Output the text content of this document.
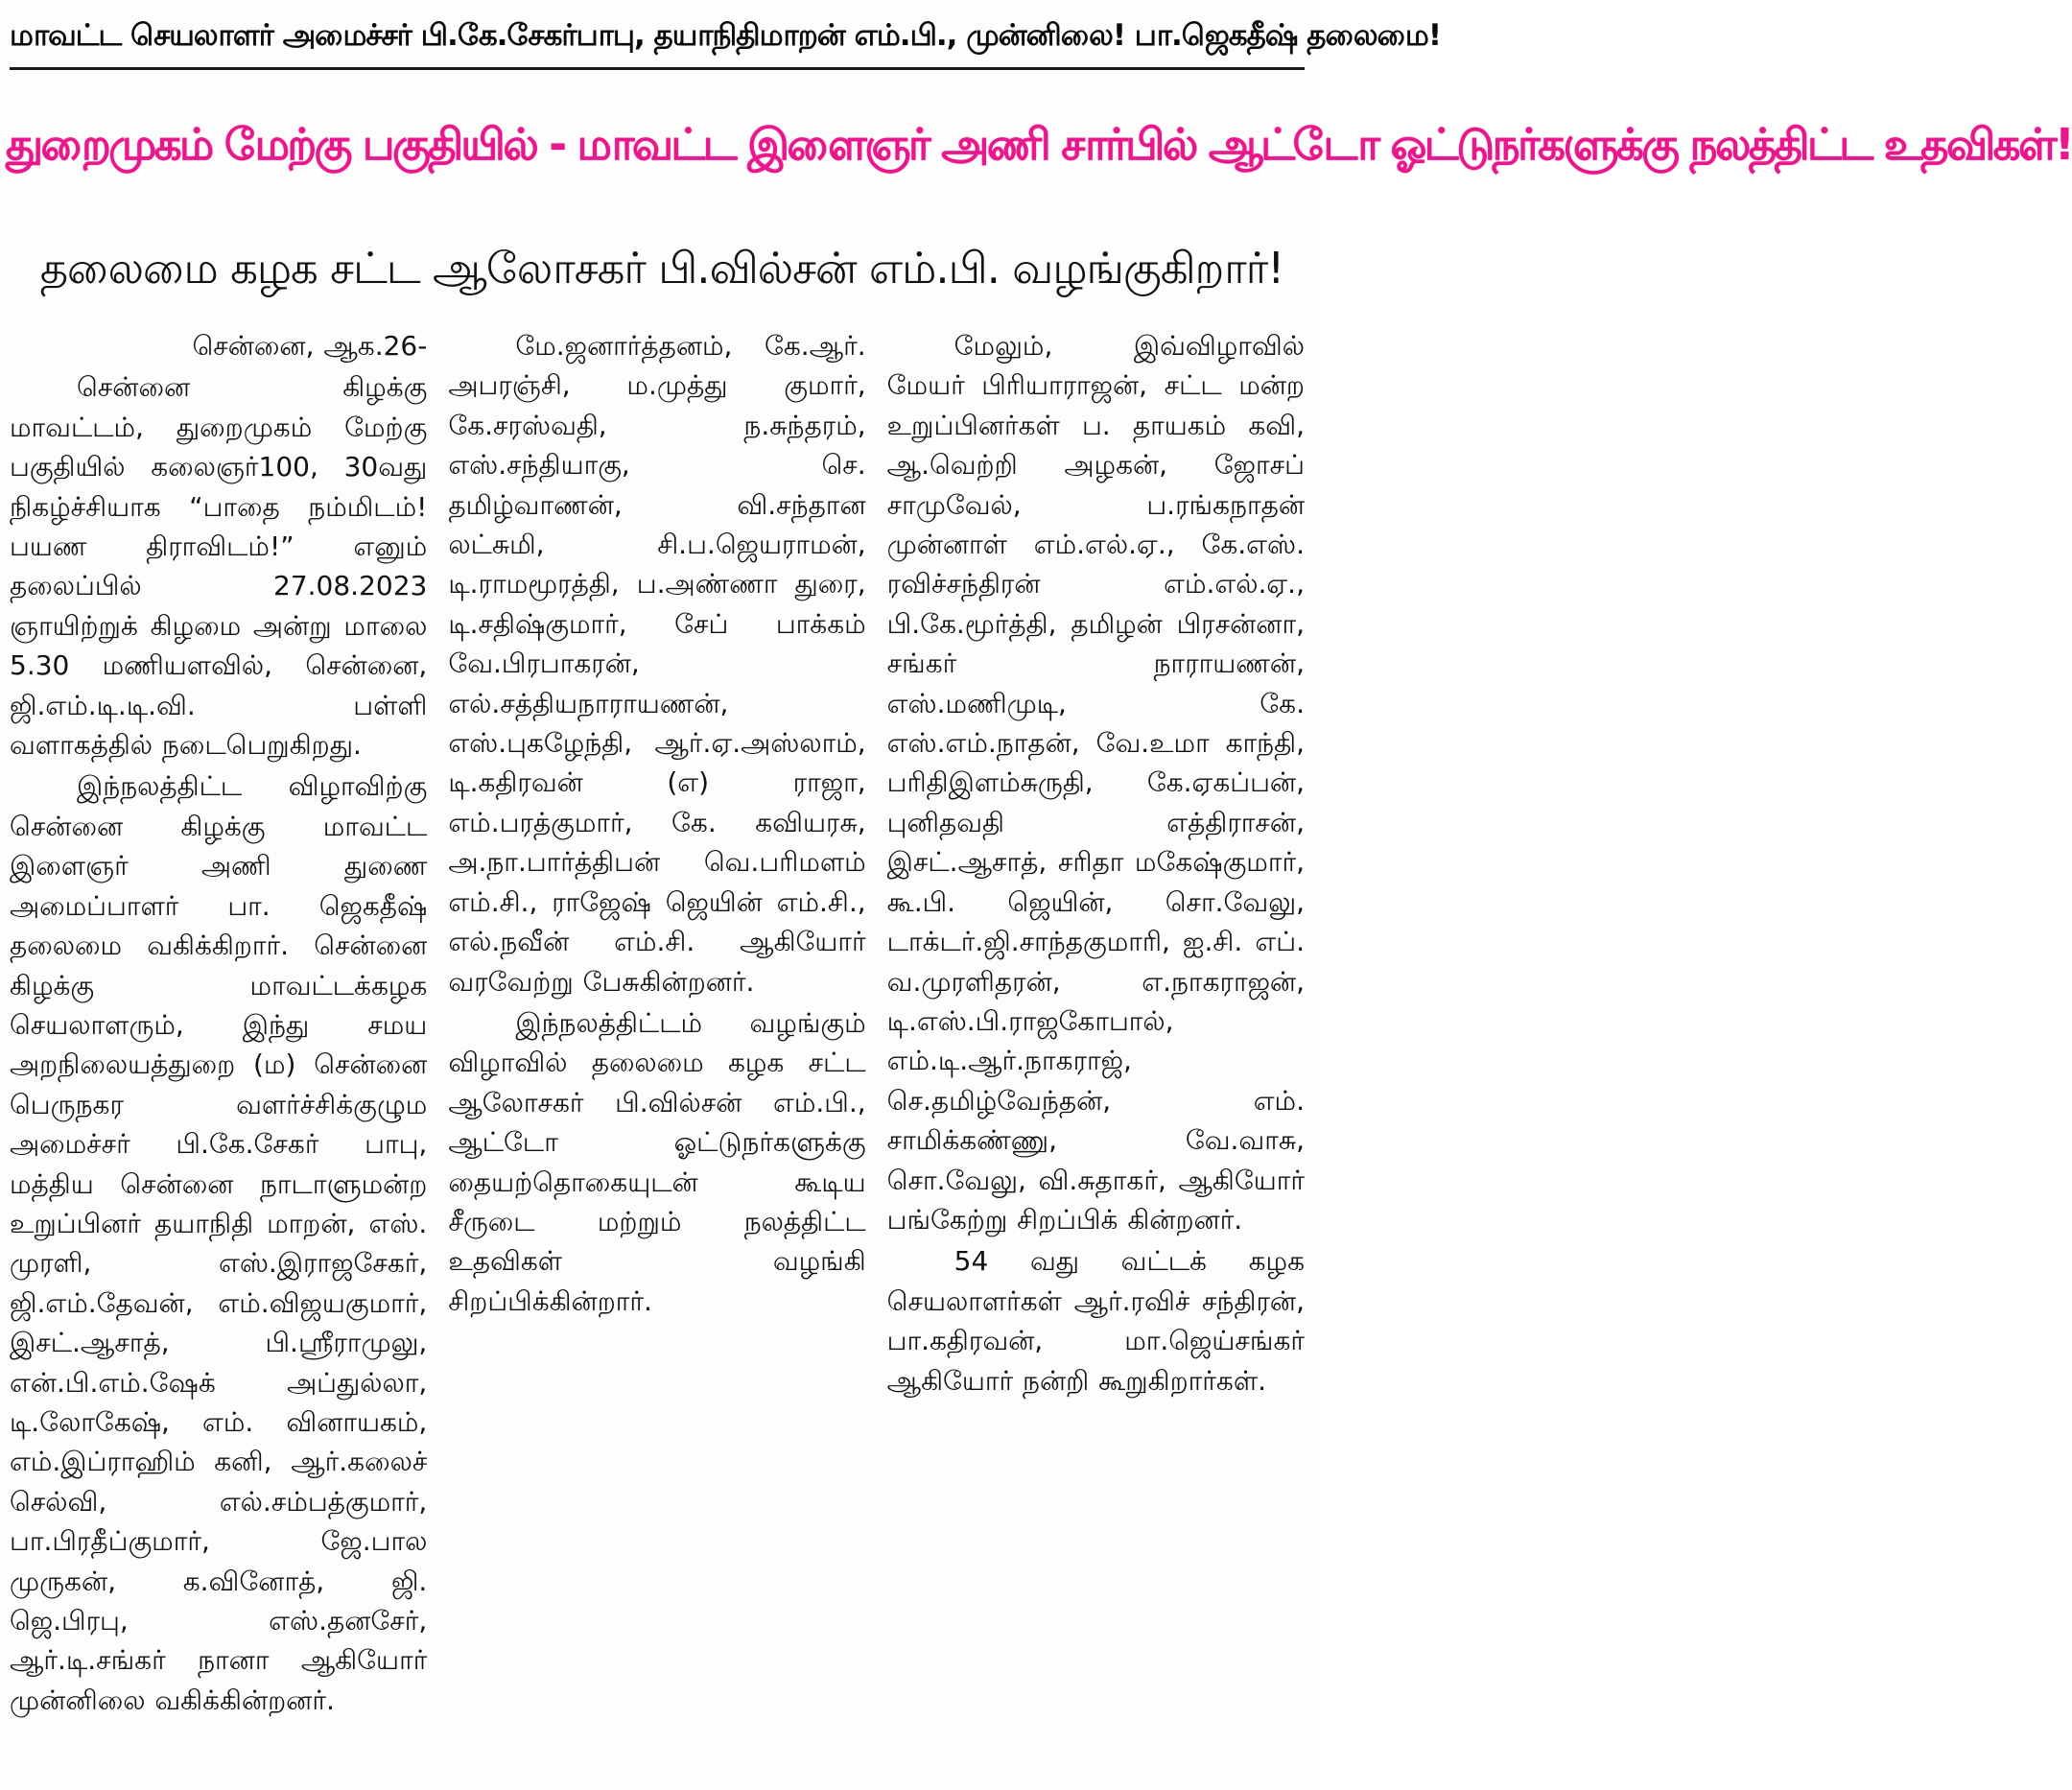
மாவட்ட செயலாளர் அமைச்சர் பி.கே.சேகர்பாபு, தயாநிதிமாறன் எம்.பி., முன்னிலை! பா.ஜெகதீஷ் தலைமை!
துறைமுகம் மேற்கு பகுதியில் - மாவட்ட இளைஞர் அணி சார்பில் ஆட்டோ ஓட்டுநர்களுக்கு நலத்திட்ட உதவிகள்!
தலைமை கழக சட்ட ஆலோசகர் பி.வில்சன் எம்.பி. வழங்குகிறார்!

சென்னை, ஆக.26-

சென்னை கிழக்கு மாவட்டம், துறைமுகம் மேற்கு பகுதியில் கலைஞர்100, 30வது நிகழ்ச்சியாக “பாதை நம்மிடம்! பயண திராவிடம்!” எனும் தலைப்பில் 27.08.2023 ஞாயிற்றுக் கிழமை அன்று மாலை 5.30 மணியளவில், சென்னை, ஜி.எம்.டி.டி.வி. பள்ளி வளாகத்தில் நடைபெறுகிறது.

இந்நலத்திட்ட விழாவிற்கு சென்னை கிழக்கு மாவட்ட இளைஞர் அணி துணை அமைப்பாளர் பா. ஜெகதீஷ் தலைமை வகிக்கிறார். சென்னை கிழக்கு மாவட்டக்கழக செயலாளரும், இந்து சமய அறநிலையத்துறை (ம) சென்னை பெருநகர வளர்ச்சிக்குழும அமைச்சர் பி.கே.சேகர் பாபு, மத்திய சென்னை நாடாளுமன்ற உறுப்பினர் தயாநிதி மாறன், எஸ். முரளி, எஸ்.இராஜசேகர், ஜி.எம்.தேவன், எம்.விஜயகுமார், இசட்.ஆசாத், பி.ஸ்ரீராமுலு, என்.பி.எம்.ஷேக் அப்துல்லா, டி.லோகேஷ், எம். வினாயகம், எம்.இப்ராஹிம் கனி, ஆர்.கலைச் செல்வி, எல்.சம்பத்குமார், பா.பிரதீப்குமார், ஜே.பால முருகன், க.வினோத், ஜி. ஜெ.பிரபு, எஸ்.தனசேர், ஆர்.டி.சங்கர் நானா ஆகியோர் முன்னிலை வகிக்கின்றனர்.

மே.ஜனார்த்தனம், கே.ஆர். அபரஞ்சி, ம.முத்து குமார், கே.சரஸ்வதி, ந.சுந்தரம், எஸ்.சந்தியாகு, செ. தமிழ்வாணன், வி.சந்தான லட்சுமி, சி.ப.ஜெயராமன், டி.ராமமூரத்தி, ப.அண்ணா துரை, டி.சதிஷ்குமார், சேப் பாக்கம் வே.பிரபாகரன், எல்.சத்தியநாராயணன், எஸ்.புகழேந்தி, ஆர்.ஏ.அஸ்லாம், டி.கதிரவன் (எ) ராஜா, எம்.பரத்குமார், கே. கவியரசு, அ.நா.பார்த்திபன் வெ.பரிமளம் எம்.சி., ராஜேஷ் ஜெயின் எம்.சி., எல்.நவீன் எம்.சி. ஆகியோர் வரவேற்று பேசுகின்றனர்.

இந்நலத்திட்டம் வழங்கும் விழாவில் தலைமை கழக சட்ட ஆலோசகர் பி.வில்சன் எம்.பி., ஆட்டோ ஓட்டுநர்களுக்கு தையற்தொகையுடன் கூடிய சீருடை மற்றும் நலத்திட்ட உதவிகள் வழங்கி சிறப்பிக்கின்றார்.

மேலும், இவ்விழாவில் மேயர் பிரியாராஜன், சட்ட மன்ற உறுப்பினர்கள் ப. தாயகம் கவி, ஆ.வெற்றி அழகன், ஜோசப் சாமுவேல், ப.ரங்கநாதன் முன்னாள் எம்.எல்.ஏ., கே.எஸ். ரவிச்சந்திரன் எம்.எல்.ஏ., பி.கே.மூர்த்தி, தமிழன் பிரசன்னா, சங்கர் நாராயணன், எஸ்.மணிமுடி, கே. எஸ்.எம்.நாதன், வே.உமா காந்தி, பரிதிஇளம்சுருதி, கே.ஏகப்பன், புனிதவதி எத்திராசன், இசட்.ஆசாத், சரிதா மகேஷ்குமார், கூ.பி. ஜெயின், சொ.வேலு, டாக்டர்.ஜி.சாந்தகுமாரி, ஐ.சி. எப். வ.முரளிதரன், எ.நாகராஜன், டி.எஸ்.பி.ராஜகோபால், எம்.டி.ஆர்.நாகராஜ், செ.தமிழ்வேந்தன், எம். சாமிக்கண்ணு, வே.வாசு, சொ.வேலு, வி.சுதாகர், ஆகியோர் பங்கேற்று சிறப்பிக் கின்றனர்.

54 வது வட்டக் கழக செயலாளர்கள் ஆர்.ரவிச் சந்திரன், பா.கதிரவன், மா.ஜெய்சங்கர் ஆகியோர் நன்றி கூறுகிறார்கள்.
